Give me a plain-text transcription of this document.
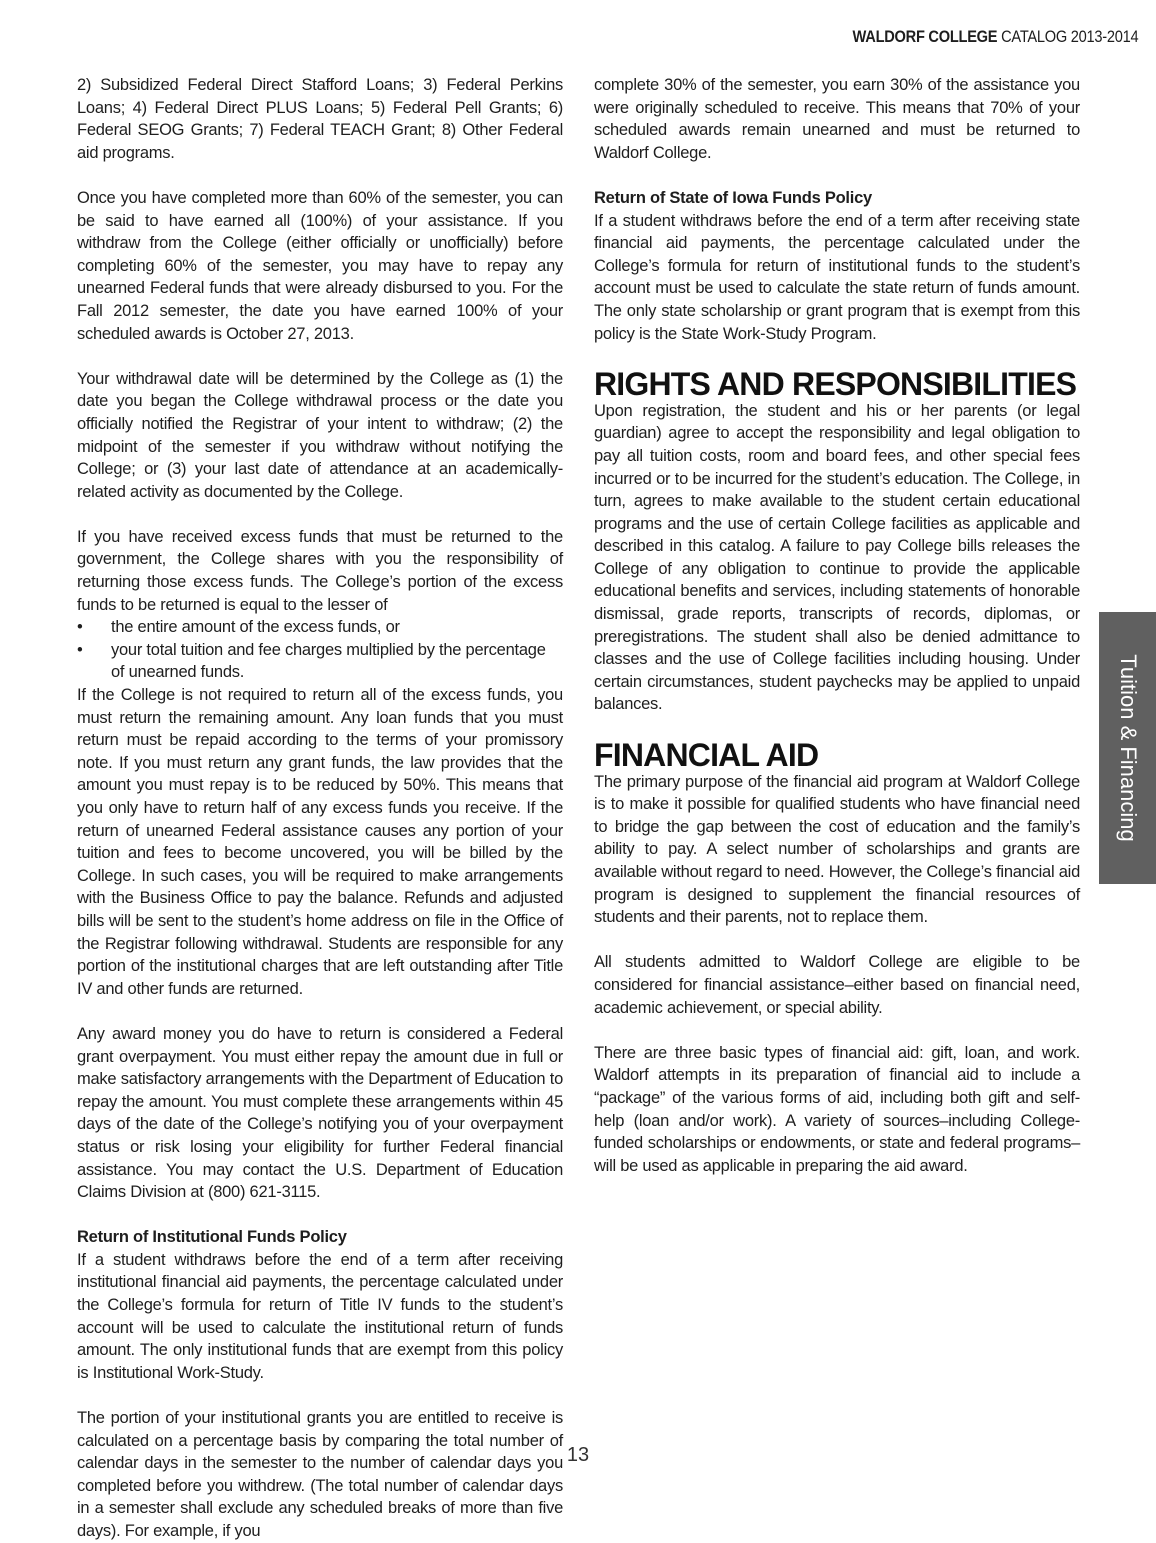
WALDORF COLLEGE CATALOG 2013-2014

2) Subsidized Federal Direct Stafford Loans; 3) Federal Perkins Loans; 4) Federal Direct PLUS Loans; 5) Federal Pell Grants; 6) Federal SEOG Grants; 7) Federal TEACH Grant; 8) Other Federal aid programs.

Once you have completed more than 60% of the semester, you can be said to have earned all (100%) of your assistance. If you withdraw from the College (either officially or unofficially) before completing 60% of the semester, you may have to repay any unearned Federal funds that were already disbursed to you. For the Fall 2012 semester, the date you have earned 100% of your scheduled awards is October 27, 2013.

Your withdrawal date will be determined by the College as (1) the date you began the College withdrawal process or the date you officially notified the Registrar of your intent to withdraw; (2) the midpoint of the semester if you withdraw without notifying the College; or (3) your last date of attendance at an academically-related activity as documented by the College.

If you have received excess funds that must be returned to the government, the College shares with you the responsibility of returning those excess funds. The College’s portion of the excess funds to be returned is equal to the lesser of

• the entire amount of the excess funds, or
• your total tuition and fee charges multiplied by the percentage of unearned funds.

If the College is not required to return all of the excess funds, you must return the remaining amount. Any loan funds that you must return must be repaid according to the terms of your promissory note. If you must return any grant funds, the law provides that the amount you must repay is to be reduced by 50%. This means that you only have to return half of any excess funds you receive. If the return of unearned Federal assistance causes any portion of your tuition and fees to become uncovered, you will be billed by the College. In such cases, you will be required to make arrangements with the Business Office to pay the balance. Refunds and adjusted bills will be sent to the student’s home address on file in the Office of the Registrar following withdrawal. Students are responsible for any portion of the institutional charges that are left outstanding after Title IV and other funds are returned.

Any award money you do have to return is considered a Federal grant overpayment. You must either repay the amount due in full or make satisfactory arrangements with the Department of Education to repay the amount. You must complete these arrangements within 45 days of the date of the College’s notifying you of your overpayment status or risk losing your eligibility for further Federal financial assistance. You may contact the U.S. Department of Education Claims Division at (800) 621-3115.

Return of Institutional Funds Policy

If a student withdraws before the end of a term after receiving institutional financial aid payments, the percentage calculated under the College’s formula for return of Title IV funds to the student’s account will be used to calculate the institutional return of funds amount. The only institutional funds that are exempt from this policy is Institutional Work-Study.

The portion of your institutional grants you are entitled to receive is calculated on a percentage basis by comparing the total number of calendar days in the semester to the number of calendar days you completed before you withdrew. (The total number of calendar days in a semester shall exclude any scheduled breaks of more than five days). For example, if you

complete 30% of the semester, you earn 30% of the assistance you were originally scheduled to receive. This means that 70% of your scheduled awards remain unearned and must be returned to Waldorf College.

Return of State of Iowa Funds Policy

If a student withdraws before the end of a term after receiving state financial aid payments, the percentage calculated under the College’s formula for return of institutional funds to the student’s account must be used to calculate the state return of funds amount. The only state scholarship or grant program that is exempt from this policy is the State Work-Study Program.

RIGHTS AND RESPONSIBILITIES

Upon registration, the student and his or her parents (or legal guardian) agree to accept the responsibility and legal obligation to pay all tuition costs, room and board fees, and other special fees incurred or to be incurred for the student’s education. The College, in turn, agrees to make available to the student certain educational programs and the use of certain College facilities as applicable and described in this catalog. A failure to pay College bills releases the College of any obligation to continue to provide the applicable educational benefits and services, including statements of honorable dismissal, grade reports, transcripts of records, diplomas, or preregistrations. The student shall also be denied admittance to classes and the use of College facilities including housing. Under certain circumstances, student paychecks may be applied to unpaid balances.

FINANCIAL AID

The primary purpose of the financial aid program at Waldorf College is to make it possible for qualified students who have financial need to bridge the gap between the cost of education and the family’s ability to pay. A select number of scholarships and grants are available without regard to need. However, the College’s financial aid program is designed to supplement the financial resources of students and their parents, not to replace them.

All students admitted to Waldorf College are eligible to be considered for financial assistance–either based on financial need, academic achievement, or special ability.

There are three basic types of financial aid: gift, loan, and work. Waldorf attempts in its preparation of financial aid to include a “package” of the various forms of aid, including both gift and self-help (loan and/or work). A variety of sources–including College-funded scholarships or endowments, or state and federal programs–will be used as applicable in preparing the aid award.

Tuition & Financing
13
